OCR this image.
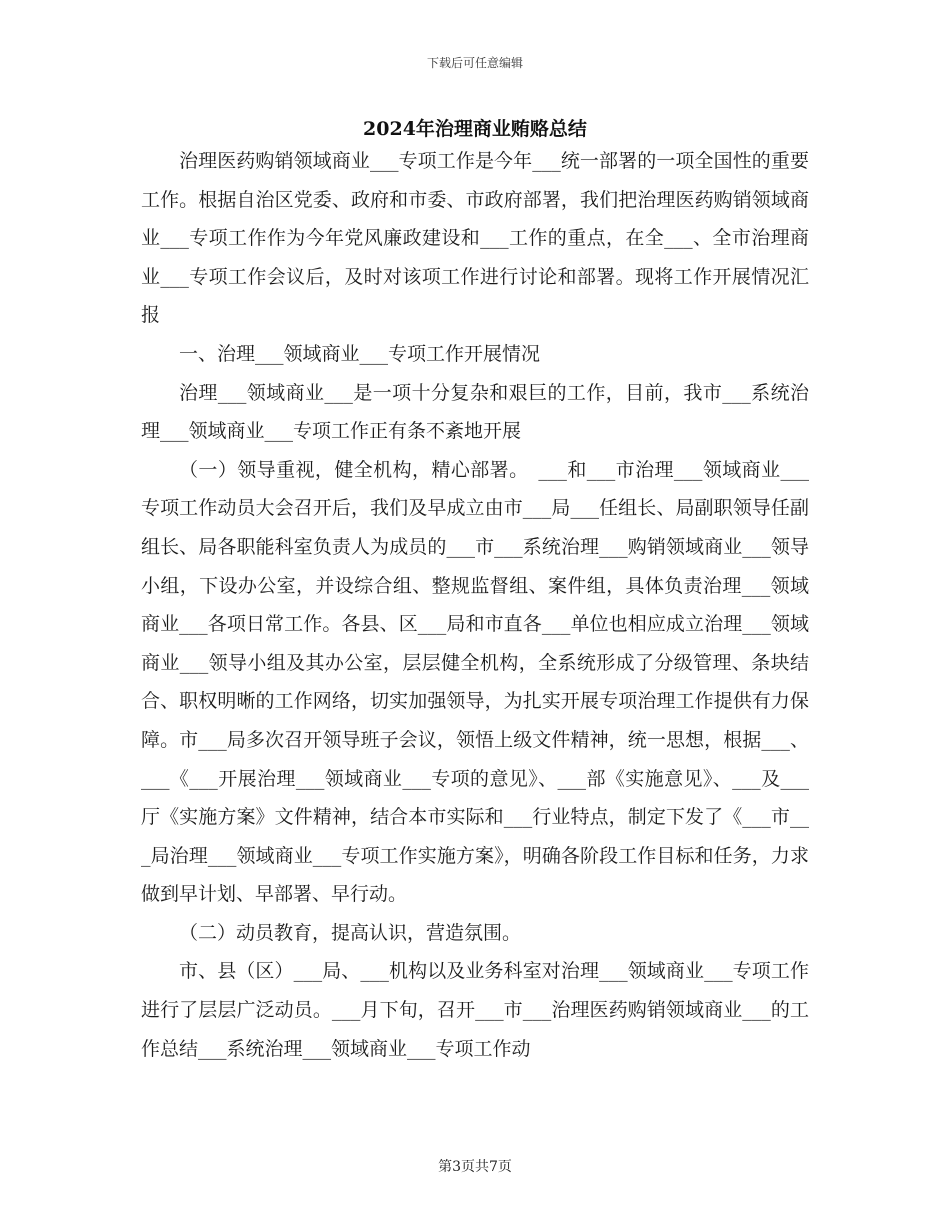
下载后可任意编辑
2024年治理商业贿赂总结

治理医药购销领域商业___专项工作是今年___统一部署的一项全国性的重要工作。根据自治区党委、政府和市委、市政府部署，我们把治理医药购销领域商业___专项工作作为今年党风廉政建设和___工作的重点，在全___、全市治理商业___专项工作会议后，及时对该项工作进行讨论和部署。现将工作开展情况汇报

一、治理___领域商业___专项工作开展情况

治理___领域商业___是一项十分复杂和艰巨的工作，目前，我市___系统治理___领域商业___专项工作正有条不紊地开展

（一）领导重视，健全机构，精心部署。　___和___市治理___领域商业___专项工作动员大会召开后，我们及早成立由市___局___任组长、局副职领导任副组长、局各职能科室负责人为成员的___市___系统治理___购销领域商业___领导小组，下设办公室，并设综合组、整规监督组、案件组，具体负责治理___领域商业___各项日常工作。各县、区___局和市直各___单位也相应成立治理___领域商业___领导小组及其办公室，层层健全机构，全系统形成了分级管理、条块结合、职权明晰的工作网络，切实加强领导，为扎实开展专项治理工作提供有力保障。市___局多次召开领导班子会议，领悟上级文件精神，统一思想，根据___、___《___开展治理___领域商业___专项的意见》、___部《实施意见》、___及___厅《实施方案》文件精神，结合本市实际和___行业特点，制定下发了《___市___局治理___领域商业___专项工作实施方案》，明确各阶段工作目标和任务，力求做到早计划、早部署、早行动。

（二）动员教育，提高认识，营造氛围。

市、县（区）___局、___机构以及业务科室对治理___领域商业___专项工作进行了层层广泛动员。___月下旬，召开___市___治理医药购销领域商业___的工作总结___系统治理___领域商业___专项工作动

第3页共7页
